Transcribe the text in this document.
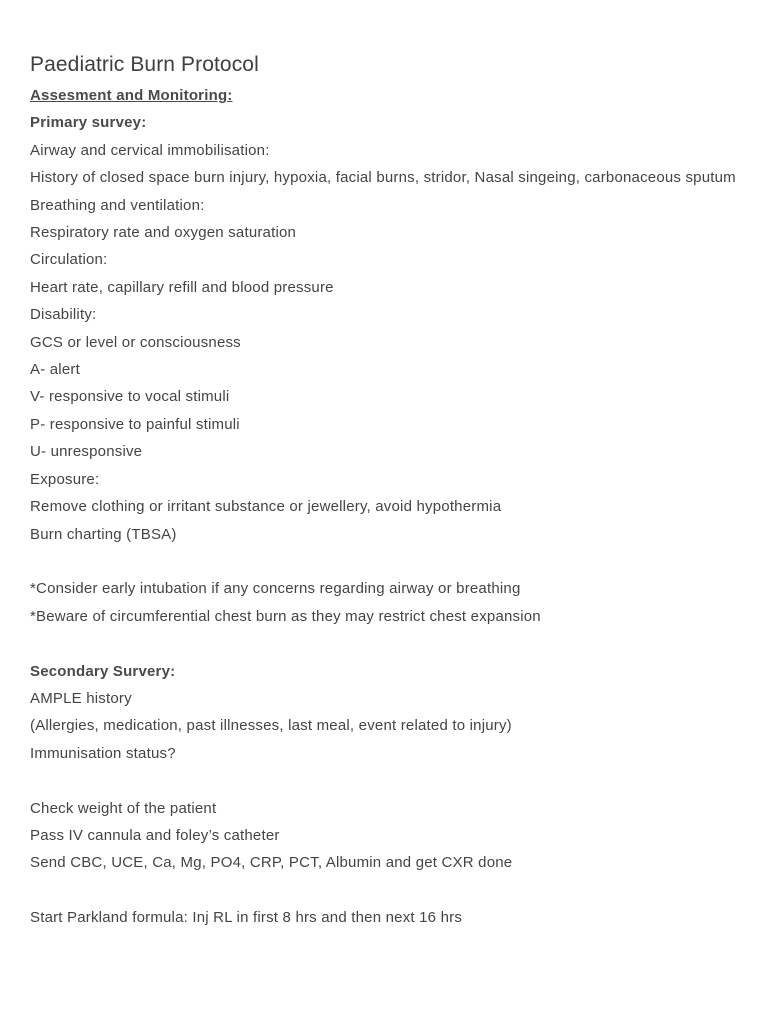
Paediatric Burn Protocol
Assesment and Monitoring:
Primary survey:
Airway and cervical immobilisation:
History of closed space burn injury, hypoxia, facial burns, stridor, Nasal singeing, carbonaceous sputum
Breathing and ventilation:
Respiratory rate and oxygen saturation
Circulation:
Heart rate, capillary refill and blood pressure
Disability:
GCS or level or consciousness
A- alert
V- responsive to vocal stimuli
P- responsive to painful stimuli
U- unresponsive
Exposure:
Remove clothing or irritant substance or jewellery, avoid hypothermia
Burn charting (TBSA)
*Consider early intubation if any concerns regarding airway or breathing
*Beware of circumferential chest burn as they may restrict chest expansion
Secondary Survery:
AMPLE history
(Allergies, medication, past illnesses, last meal, event related to injury)
Immunisation status?
Check weight of the patient
Pass IV cannula and foley’s catheter
Send CBC, UCE, Ca, Mg, PO4, CRP, PCT, Albumin and get CXR done
Start Parkland formula: Inj RL in first 8 hrs and then next 16 hrs
